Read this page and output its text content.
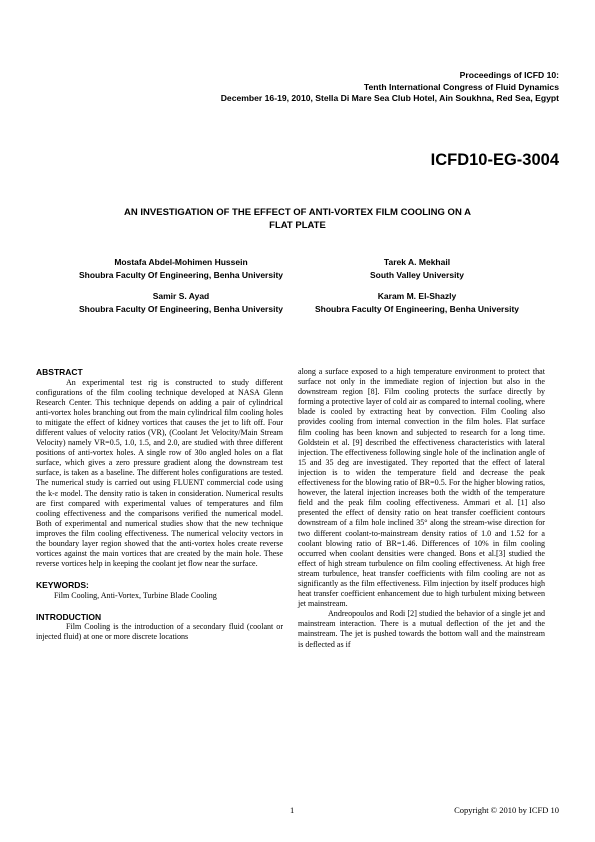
Proceedings of ICFD 10:
Tenth International Congress of Fluid Dynamics
December 16-19, 2010, Stella Di Mare Sea Club Hotel, Ain Soukhna, Red Sea, Egypt
ICFD10-EG-3004
AN INVESTIGATION OF THE EFFECT OF ANTI-VORTEX FILM COOLING ON A
FLAT PLATE
Mostafa Abdel-Mohimen Hussein
Shoubra Faculty Of Engineering, Benha University
Tarek A. Mekhail
South Valley University
Samir S. Ayad
Shoubra Faculty Of Engineering, Benha University
Karam M. El-Shazly
Shoubra Faculty Of Engineering, Benha University
ABSTRACT

An experimental test rig is constructed to study different configurations of the film cooling technique developed at NASA Glenn Research Center. This technique depends on adding a pair of cylindrical anti-vortex holes branching out from the main cylindrical film cooling holes to mitigate the effect of kidney vortices that causes the jet to lift off. Four different values of velocity ratios (VR), (Coolant Jet Velocity/Main Stream Velocity) namely VR=0.5, 1.0, 1.5, and 2.0, are studied with three different positions of anti-vortex holes. A single row of 30o angled holes on a flat surface, which gives a zero pressure gradient along the downstream test surface, is taken as a baseline. The different holes configurations are tested. The numerical study is carried out using FLUENT commercial code using the k-ε model. The density ratio is taken in consideration. Numerical results are first compared with experimental values of temperatures and film cooling effectiveness and the comparisons verified the numerical model. Both of experimental and numerical studies show that the new technique improves the film cooling effectiveness. The numerical velocity vectors in the boundary layer region showed that the anti-vortex holes create reverse vortices against the main vortices that are created by the main hole. These reverse vortices help in keeping the coolant jet flow near the surface.

KEYWORDS:

Film Cooling, Anti-Vortex, Turbine Blade Cooling

INTRODUCTION

Film Cooling is the introduction of a secondary fluid (coolant or injected fluid) at one or more discrete locations

along a surface exposed to a high temperature environment to protect that surface not only in the immediate region of injection but also in the downstream region [8]. Film cooling protects the surface directly by forming a protective layer of cold air as compared to internal cooling, where blade is cooled by extracting heat by convection. Film Cooling also provides cooling from internal convection in the film holes. Flat surface film cooling has been known and subjected to research for a long time. Goldstein et al. [9] described the effectiveness characteristics with lateral injection. The effectiveness following single hole of the inclination angle of 15 and 35 deg are investigated. They reported that the effect of lateral injection is to widen the temperature field and decrease the peak effectiveness for the blowing ratio of BR=0.5. For the higher blowing ratios, however, the lateral injection increases both the width of the temperature field and the peak film cooling effectiveness. Ammari et al. [1] also presented the effect of density ratio on heat transfer coefficient contours downstream of a film hole inclined 35° along the stream-wise direction for two different coolant-to-mainstream density ratios of 1.0 and 1.52 for a coolant blowing ratio of BR=1.46. Differences of 10% in film cooling occurred when coolant densities were changed. Bons et al.[3] studied the effect of high stream turbulence on film cooling effectiveness. At high free stream turbulence, heat transfer coefficients with film cooling are not as significantly as the film effectiveness. Film injection by itself produces high heat transfer coefficient enhancement due to high turbulent mixing between jet mainstream.

Andreopoulos and Rodi [2] studied the behavior of a single jet and mainstream interaction. There is a mutual deflection of the jet and the mainstream. The jet is pushed towards the bottom wall and the mainstream is deflected as if

1	Copyright © 2010 by ICFD 10
